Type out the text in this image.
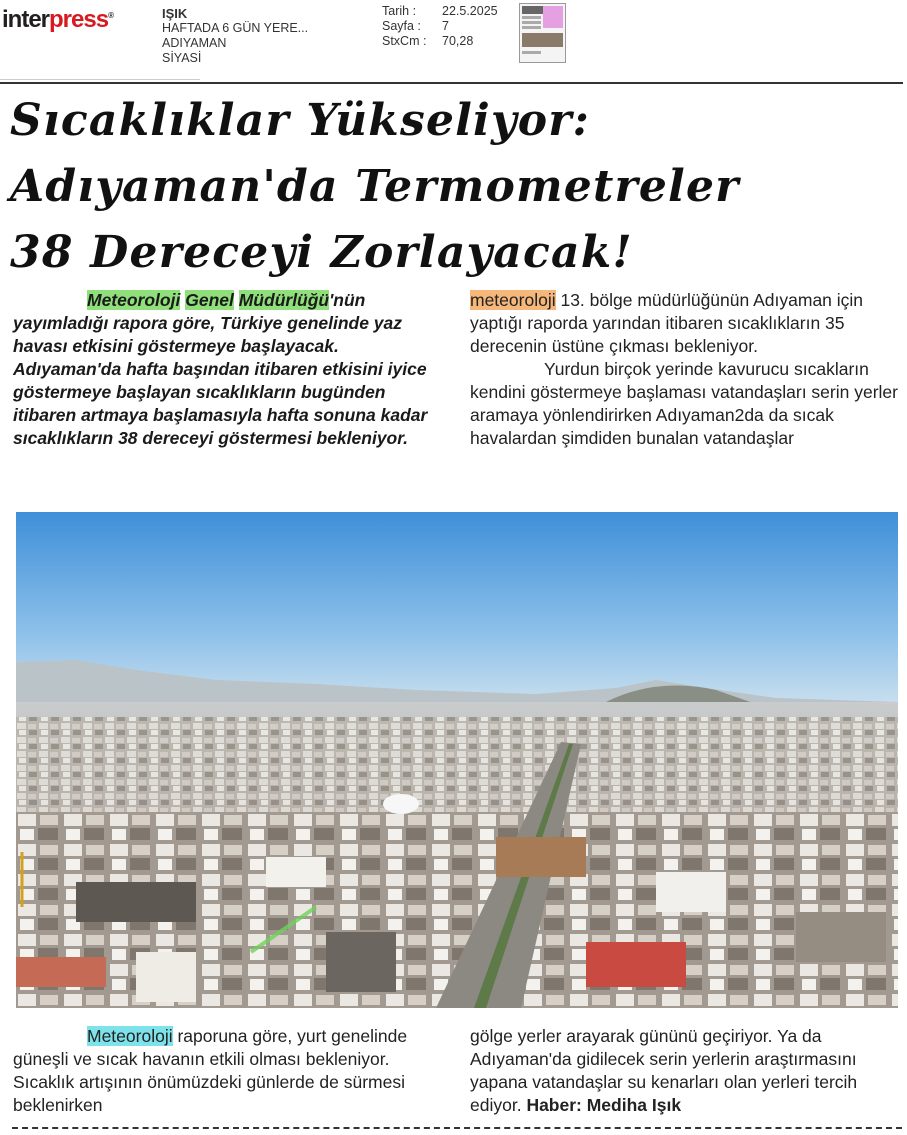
interpress®	IŞIK
HAFTADA 6 GÜN YERE...
ADIYAMAN
SİYASİ
Tarih :
Sayfa :
StxCm :
22.5.2025
7
70,28
Sıcaklıklar Yükseliyor:
Adıyaman'da Termometreler
38 Dereceyi Zorlayacak!
Meteoroloji Genel Müdürlüğü'nün yayımladığı rapora göre, Türkiye genelinde yaz havası etkisini göstermeye başlayacak. Adıyaman'da hafta başından itibaren etkisini iyice göstermeye başlayan sıcaklıkların bugünden itibaren artmaya başlamasıyla hafta sonuna kadar sıcaklıkların 38 dereceyi göstermesi bekleniyor.
meteoroloji 13. bölge müdürlüğünün Adıyaman için yaptığı raporda yarından itibaren sıcaklıkların 35 derecenin üstüne çıkması bekleniyor.
Yurdun birçok yerinde kavurucu sıcakların kendini göstermeye başlaması vatandaşları serin yerler aramaya yönlendirirken Adıyaman2da da sıcak havalardan şimdiden bunalan vatandaşlar
Meteoroloji raporuna göre, yurt genelinde güneşli ve sıcak havanın etkili olması bekleniyor. Sıcaklık artışının önümüzdeki günlerde de sürmesi beklenirken
gölge yerler arayarak gününü geçiriyor. Ya da Adıyaman'da gidilecek serin yerlerin araştırmasını yapana vatandaşlar su kenarları olan yerleri tercih ediyor. Haber: Mediha Işık
